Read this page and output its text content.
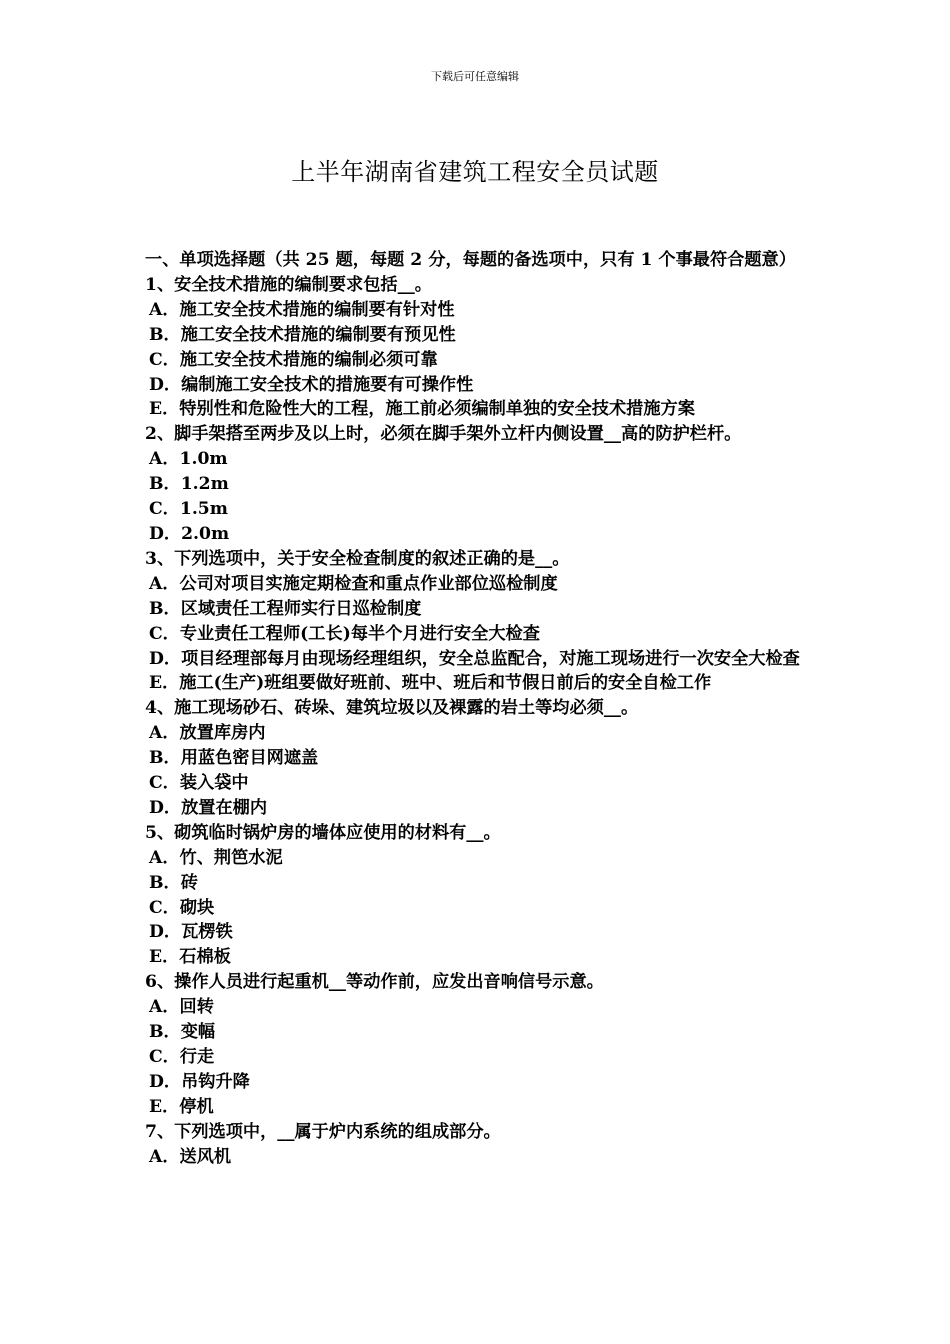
下载后可任意编辑
上半年湖南省建筑工程安全员试题
一、单项选择题（共 25 题，每题 2 分，每题的备选项中，只有 1 个事最符合题意）
1、安全技术措施的编制要求包括__。
A．施工安全技术措施的编制要有针对性
B．施工安全技术措施的编制要有预见性
C．施工安全技术措施的编制必须可靠
D．编制施工安全技术的措施要有可操作性
E．特别性和危险性大的工程，施工前必须编制单独的安全技术措施方案
2、脚手架搭至两步及以上时，必须在脚手架外立杆内侧设置__高的防护栏杆。
A．1.0m
B．1.2m
C．1.5m
D．2.0m
3、下列选项中，关于安全检查制度的叙述正确的是__。
A．公司对项目实施定期检查和重点作业部位巡检制度
B．区域责任工程师实行日巡检制度
C．专业责任工程师(工长)每半个月进行安全大检查
D．项目经理部每月由现场经理组织，安全总监配合，对施工现场进行一次安全大检查
E．施工(生产)班组要做好班前、班中、班后和节假日前后的安全自检工作
4、施工现场砂石、砖垛、建筑垃圾以及裸露的岩土等均必须__。
A．放置库房内
B．用蓝色密目网遮盖
C．装入袋中
D．放置在棚内
5、砌筑临时锅炉房的墙体应使用的材料有__。
A．竹、荆笆水泥
B．砖
C．砌块
D．瓦楞铁
E．石棉板
6、操作人员进行起重机__等动作前，应发出音响信号示意。
A．回转
B．变幅
C．行走
D．吊钩升降
E．停机
7、下列选项中，__属于炉内系统的组成部分。
A．送风机
